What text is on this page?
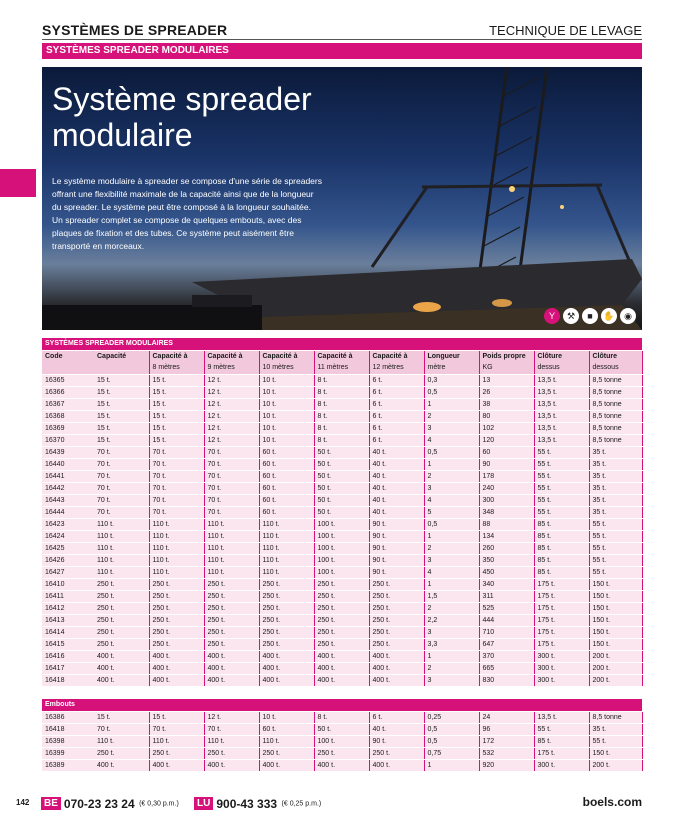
SYSTÈMES DE SPREADER	TECHNIQUE DE LEVAGE
SYSTÈMES SPREADER MODULAIRES
Système spreader
modulaire
Le système modulaire à spreader se compose d'une série de spreaders offrant une flexibilité maximale de la capacité ainsi que de la longueur du spreader. Le système peut être composé à la longueur souhaitée. Un spreader complet se compose de quelques embouts, avec des plaques de fixation et des tubes. Ce système peut aisément être transporté en morceaux.
Y	⚒	■	✋	◉
SYSTÈMES SPREADER MODULAIRES										
Code	Capacité	Capacité à	Capacité à	Capacité à	Capacité à	Capacité à	Longueur	Poids propre	Clôture	Clôture
		8 mètres	9 mètres	10 mètres	11 mètres	12 mètres	mètre	KG	dessus	dessous
16365	15 t.	15 t.	12 t.	10 t.	8 t.	6 t.	0,3	13	13,5 t.	8,5 tonne
16366	15 t.	15 t.	12 t.	10 t.	8 t.	6 t.	0,5	26	13,5 t.	8,5 tonne
16367	15 t.	15 t.	12 t.	10 t.	8 t.	6 t.	1	38	13,5 t.	8,5 tonne
16368	15 t.	15 t.	12 t.	10 t.	8 t.	6 t.	2	80	13,5 t.	8,5 tonne
16369	15 t.	15 t.	12 t.	10 t.	8 t.	6 t.	3	102	13,5 t.	8,5 tonne
16370	15 t.	15 t.	12 t.	10 t.	8 t.	6 t.	4	120	13,5 t.	8,5 tonne
16439	70 t.	70 t.	70 t.	60 t.	50 t.	40 t.	0,5	60	55 t.	35 t.
16440	70 t.	70 t.	70 t.	60 t.	50 t.	40 t.	1	90	55 t.	35 t.
16441	70 t.	70 t.	70 t.	60 t.	50 t.	40 t.	2	178	55 t.	35 t.
16442	70 t.	70 t.	70 t.	60 t.	50 t.	40 t.	3	240	55 t.	35 t.
16443	70 t.	70 t.	70 t.	60 t.	50 t.	40 t.	4	300	55 t.	35 t.
16444	70 t.	70 t.	70 t.	60 t.	50 t.	40 t.	5	348	55 t.	35 t.
16423	110 t.	110 t.	110 t.	110 t.	100 t.	90 t.	0,5	88	85 t.	55 t.
16424	110 t.	110 t.	110 t.	110 t.	100 t.	90 t.	1	134	85 t.	55 t.
16425	110 t.	110 t.	110 t.	110 t.	100 t.	90 t.	2	260	85 t.	55 t.
16426	110 t.	110 t.	110 t.	110 t.	100 t.	90 t.	3	350	85 t.	55 t.
16427	110 t.	110 t.	110 t.	110 t.	100 t.	90 t.	4	450	85 t.	55 t.
16410	250 t.	250 t.	250 t.	250 t.	250 t.	250 t.	1	340	175 t.	150 t.
16411	250 t.	250 t.	250 t.	250 t.	250 t.	250 t.	1,5	311	175 t.	150 t.
16412	250 t.	250 t.	250 t.	250 t.	250 t.	250 t.	2	525	175 t.	150 t.
16413	250 t.	250 t.	250 t.	250 t.	250 t.	250 t.	2,2	444	175 t.	150 t.
16414	250 t.	250 t.	250 t.	250 t.	250 t.	250 t.	3	710	175 t.	150 t.
16415	250 t.	250 t.	250 t.	250 t.	250 t.	250 t.	3,3	647	175 t.	150 t.
16416	400 t.	400 t.	400 t.	400 t.	400 t.	400 t.	1	370	300 t.	200 t.
16417	400 t.	400 t.	400 t.	400 t.	400 t.	400 t.	2	665	300 t.	200 t.
16418	400 t.	400 t.	400 t.	400 t.	400 t.	400 t.	3	830	300 t.	200 t.
Embouts										
16386	15 t.	15 t.	12 t.	10 t.	8 t.	6 t.	0,25	24	13,5 t.	8,5 tonne
16418	70 t.	70 t.	70 t.	60 t.	50 t.	40 t.	0,5	96	55 t.	35 t.
16398	110 t.	110 t.	110 t.	110 t.	100 t.	90 t.	0,5	172	85 t.	55 t.
16399	250 t.	250 t.	250 t.	250 t.	250 t.	250 t.	0,75	532	175 t.	150 t.
16389	400 t.	400 t.	400 t.	400 t.	400 t.	400 t.	1	920	300 t.	200 t.
142	BE 070-23 23 24 (€ 0,30 p.m.)	LU 900-43 333 (€ 0,25 p.m.)	boels.com
